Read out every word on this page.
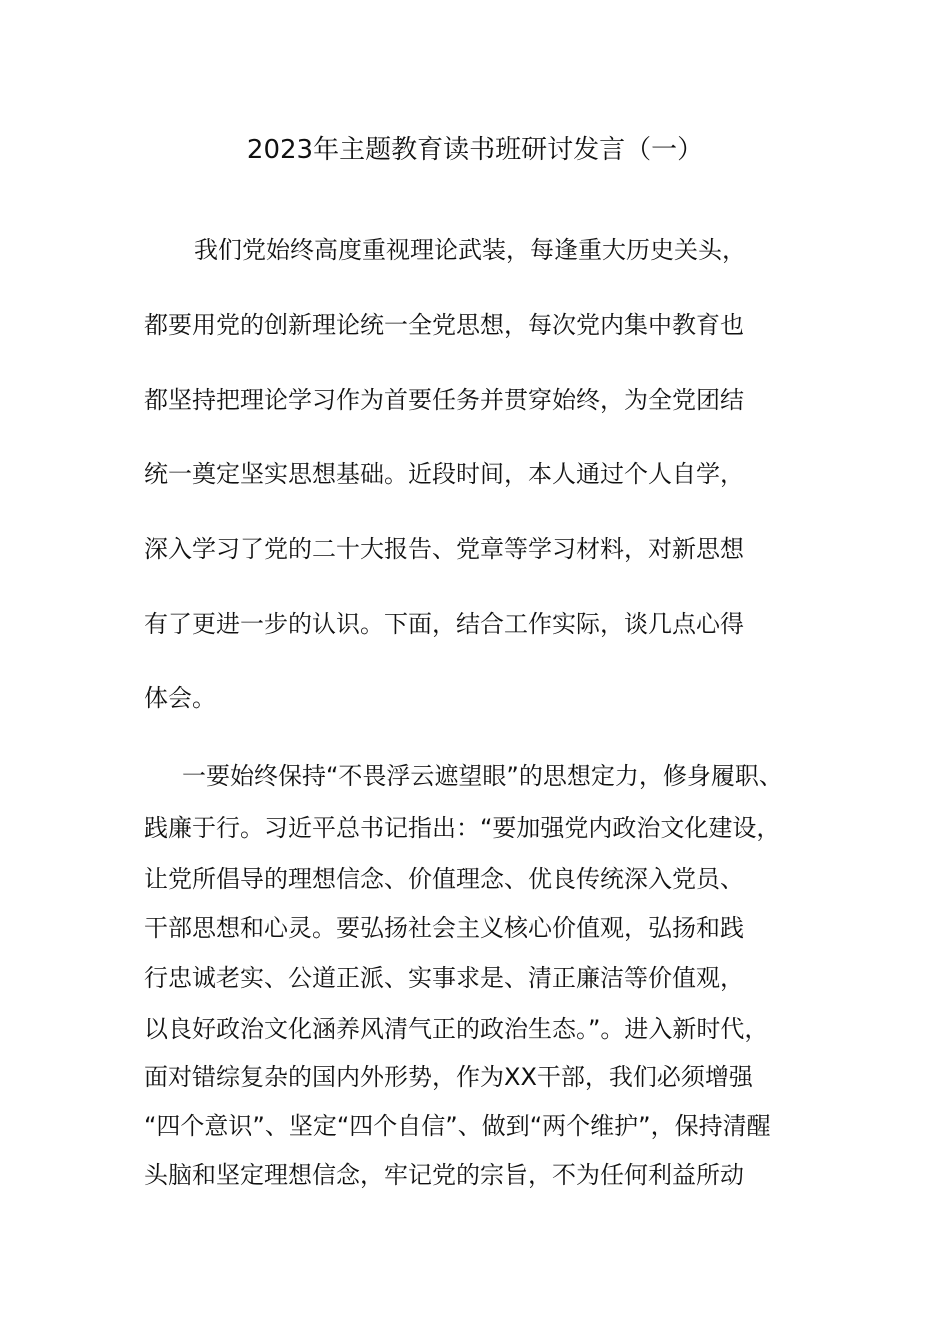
2023年主题教育读书班研讨发言（一）
我们党始终高度重视理论武装，每逢重大历史关头，
都要用党的创新理论统一全党思想，每次党内集中教育也
都坚持把理论学习作为首要任务并贯穿始终，为全党团结
统一奠定坚实思想基础。近段时间，本人通过个人自学，
深入学习了党的二十大报告、党章等学习材料，对新思想
有了更进一步的认识。下面，结合工作实际，谈几点心得
体会。
一要始终保持“不畏浮云遮望眼”的思想定力，修身履职、
践廉于行。习近平总书记指出：“要加强党内政治文化建设，
让党所倡导的理想信念、价值理念、优良传统深入党员、
干部思想和心灵。要弘扬社会主义核心价值观，弘扬和践
行忠诚老实、公道正派、实事求是、清正廉洁等价值观，
以良好政治文化涵养风清气正的政治生态。”。进入新时代，
面对错综复杂的国内外形势，作为XX干部，我们必须增强
“四个意识”、坚定“四个自信”、做到“两个维护”，保持清醒
头脑和坚定理想信念，牢记党的宗旨，不为任何利益所动
